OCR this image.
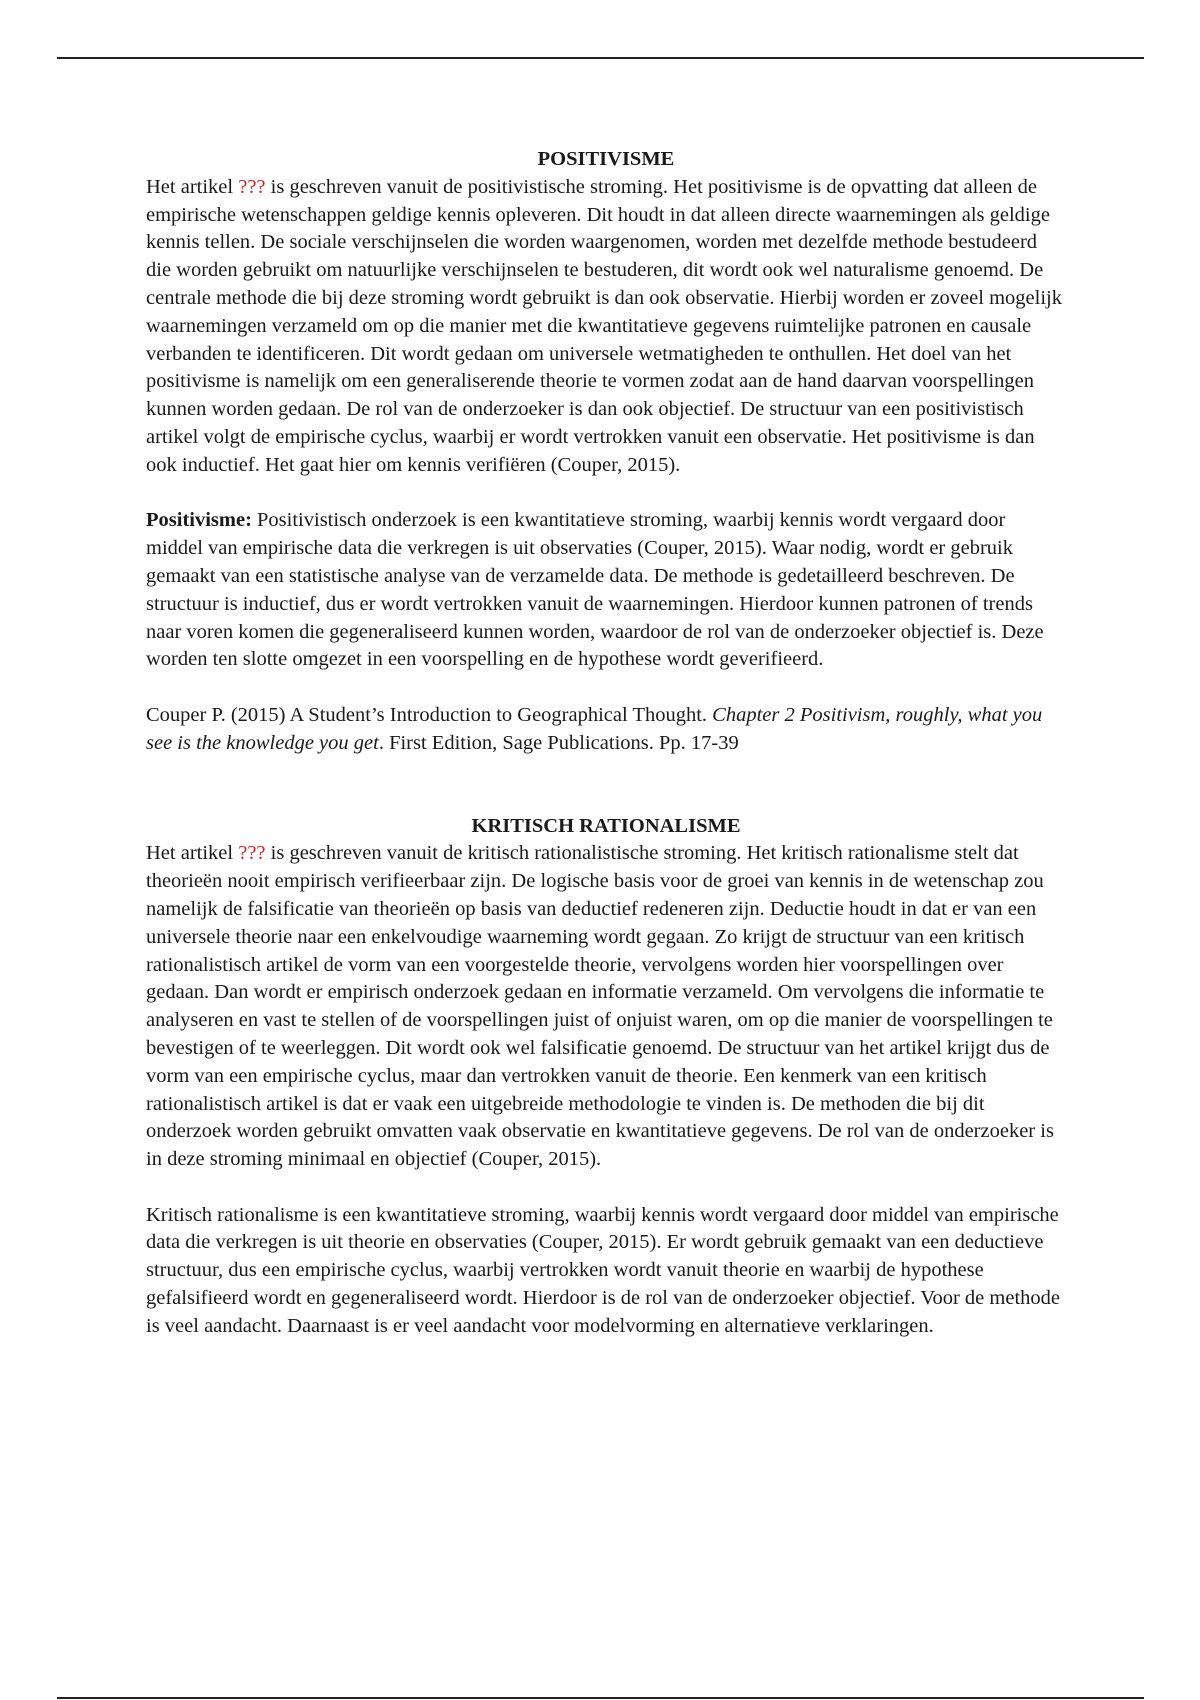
POSITIVISME

Het artikel ??? is geschreven vanuit de positivistische stroming. Het positivisme is de opvatting dat alleen de empirische wetenschappen geldige kennis opleveren. Dit houdt in dat alleen directe waarnemingen als geldige kennis tellen. De sociale verschijnselen die worden waargenomen, worden met dezelfde methode bestudeerd die worden gebruikt om natuurlijke verschijnselen te bestuderen, dit wordt ook wel naturalisme genoemd. De centrale methode die bij deze stroming wordt gebruikt is dan ook observatie. Hierbij worden er zoveel mogelijk waarnemingen verzameld om op die manier met die kwantitatieve gegevens ruimtelijke patronen en causale verbanden te identificeren. Dit wordt gedaan om universele wetmatigheden te onthullen. Het doel van het positivisme is namelijk om een generaliserende theorie te vormen zodat aan de hand daarvan voorspellingen kunnen worden gedaan. De rol van de onderzoeker is dan ook objectief. De structuur van een positivistisch artikel volgt de empirische cyclus, waarbij er wordt vertrokken vanuit een observatie. Het positivisme is dan ook inductief. Het gaat hier om kennis verifiëren (Couper, 2015).

Positivisme: Positivistisch onderzoek is een kwantitatieve stroming, waarbij kennis wordt vergaard door middel van empirische data die verkregen is uit observaties (Couper, 2015). Waar nodig, wordt er gebruik gemaakt van een statistische analyse van de verzamelde data. De methode is gedetailleerd beschreven. De structuur is inductief, dus er wordt vertrokken vanuit de waarnemingen. Hierdoor kunnen patronen of trends naar voren komen die gegeneraliseerd kunnen worden, waardoor de rol van de onderzoeker objectief is. Deze worden ten slotte omgezet in een voorspelling en de hypothese wordt geverifieerd.

Couper P. (2015) A Student’s Introduction to Geographical Thought. Chapter 2 Positivism, roughly, what you see is the knowledge you get. First Edition, Sage Publications. Pp. 17-39

KRITISCH RATIONALISME

Het artikel ??? is geschreven vanuit de kritisch rationalistische stroming. Het kritisch rationalisme stelt dat theorieën nooit empirisch verifieerbaar zijn. De logische basis voor de groei van kennis in de wetenschap zou namelijk de falsificatie van theorieën op basis van deductief redeneren zijn. Deductie houdt in dat er van een universele theorie naar een enkelvoudige waarneming wordt gegaan. Zo krijgt de structuur van een kritisch rationalistisch artikel de vorm van een voorgestelde theorie, vervolgens worden hier voorspellingen over gedaan. Dan wordt er empirisch onderzoek gedaan en informatie verzameld. Om vervolgens die informatie te analyseren en vast te stellen of de voorspellingen juist of onjuist waren, om op die manier de voorspellingen te bevestigen of te weerleggen. Dit wordt ook wel falsificatie genoemd. De structuur van het artikel krijgt dus de vorm van een empirische cyclus, maar dan vertrokken vanuit de theorie. Een kenmerk van een kritisch rationalistisch artikel is dat er vaak een uitgebreide methodologie te vinden is. De methoden die bij dit onderzoek worden gebruikt omvatten vaak observatie en kwantitatieve gegevens. De rol van de onderzoeker is in deze stroming minimaal en objectief (Couper, 2015).

Kritisch rationalisme is een kwantitatieve stroming, waarbij kennis wordt vergaard door middel van empirische data die verkregen is uit theorie en observaties (Couper, 2015). Er wordt gebruik gemaakt van een deductieve structuur, dus een empirische cyclus, waarbij vertrokken wordt vanuit theorie en waarbij de hypothese gefalsifieerd wordt en gegeneraliseerd wordt. Hierdoor is de rol van de onderzoeker objectief. Voor de methode is veel aandacht. Daarnaast is er veel aandacht voor modelvorming en alternatieve verklaringen.
